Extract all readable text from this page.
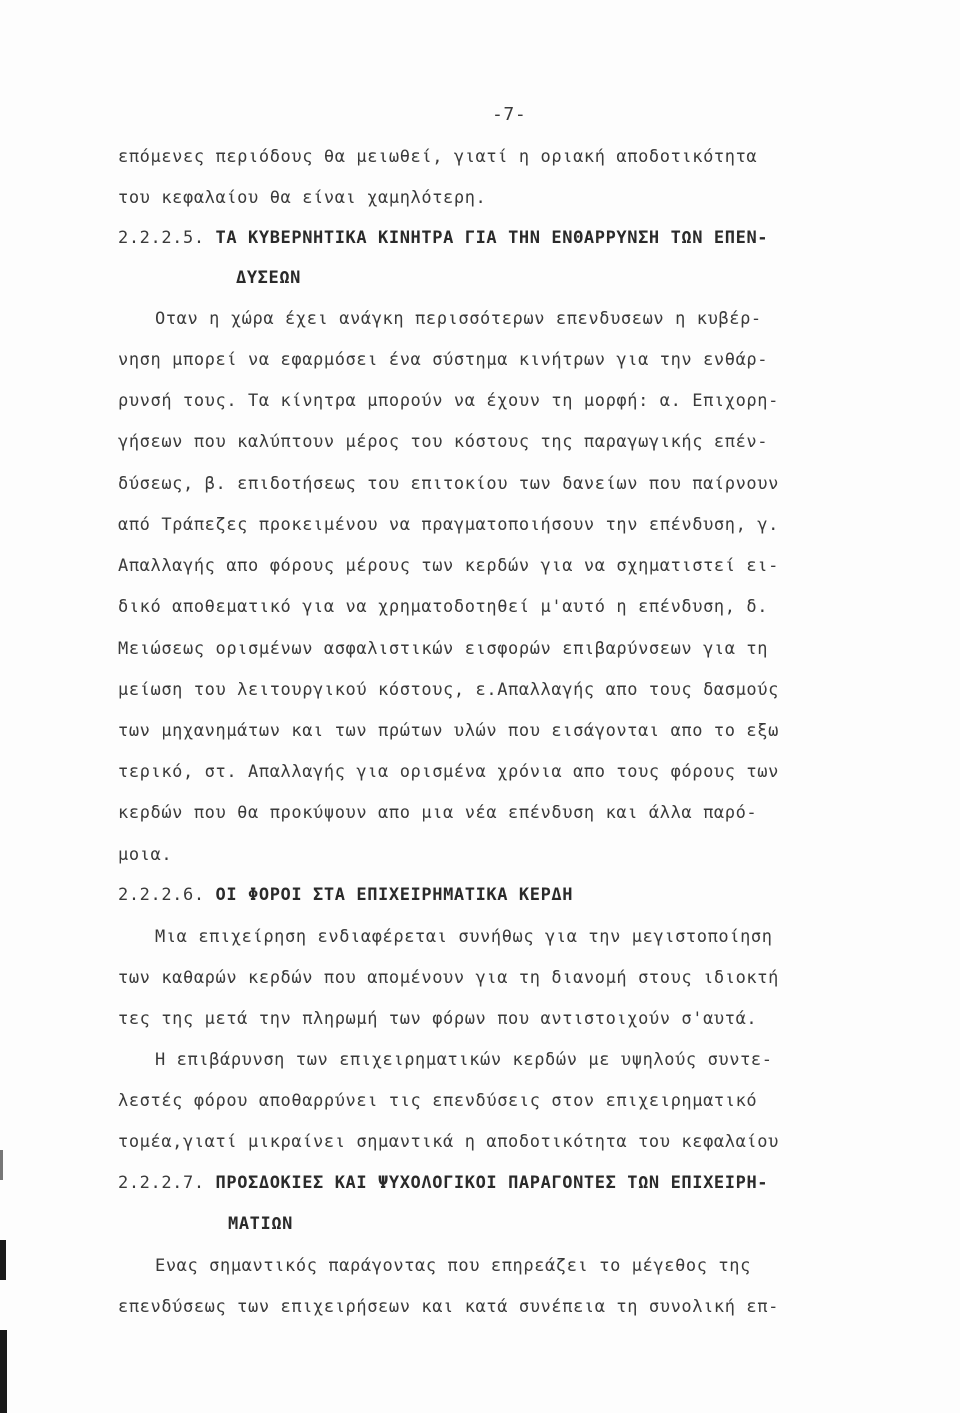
-7-
επόμενες περιόδους θα μειωθεί, γιατί η οριακή αποδοτικότητα
του κεφαλαίου θα είναι χαμηλότερη.
2.2.2.5. ΤΑ ΚΥΒΕΡΝΗΤΙΚΑ ΚΙΝΗΤΡΑ ΓΙΑ ΤΗΝ ΕΝΘΑΡΡΥΝΣΗ ΤΩΝ ΕΠΕΝ-
ΔΥΣΕΩΝ
Οταν η χώρα έχει ανάγκη περισσότερων επενδυσεων η κυβέρ-
νηση μπορεί να εφαρμόσει ένα σύστημα κινήτρων για την ενθάρ-
ρυνσή τους. Τα κίνητρα μπορούν να έχουν τη μορφή: α. Επιχορη-
γήσεων που καλύπτουν μέρος του κόστους της παραγωγικής επέν-
δύσεως, β. επιδοτήσεως του επιτοκίου των δανείων που παίρνουν
από Τράπεζες προκειμένου να πραγματοποιήσουν την επένδυση, γ.
Απαλλαγής απο φόρους μέρους των κερδών για να σχηματιστεί ει-
δικό αποθεματικό για να χρηματοδοτηθεί μ'αυτό η επένδυση, δ.
Μειώσεως ορισμένων ασφαλιστικών εισφορών επιβαρύνσεων για τη
μείωση του λειτουργικού κόστους, ε.Απαλλαγής απο τους δασμούς
των μηχανημάτων και των πρώτων υλών που εισάγονται απο το εξω
τερικό, στ. Απαλλαγής για ορισμένα χρόνια απο τους φόρους των
κερδών που θα προκύψουν απο μια νέα επένδυση και άλλα παρό-
μοια.
2.2.2.6. ΟΙ ΦΟΡΟΙ ΣΤΑ ΕΠΙΧΕΙΡΗΜΑΤΙΚΑ ΚΕΡΔΗ
Μια επιχείρηση ενδιαφέρεται συνήθως για την μεγιστοποίηση
των καθαρών κερδών που απομένουν για τη διανομή στους ιδιοκτή
τες της μετά την πληρωμή των φόρων που αντιστοιχούν σ'αυτά.
Η επιβάρυνση των επιχειρηματικών κερδών με υψηλούς συντε-
λεστές φόρου αποθαρρύνει τις επενδύσεις στον επιχειρηματικό
τομέα,γιατί μικραίνει σημαντικά η αποδοτικότητα του κεφαλαίου
2.2.2.7. ΠΡΟΣΔΟΚΙΕΣ ΚΑΙ ΨΥΧΟΛΟΓΙΚΟΙ ΠΑΡΑΓΟΝΤΕΣ ΤΩΝ ΕΠΙΧΕΙΡΗ-
ΜΑΤΙΩΝ
Ενας σημαντικός παράγοντας που επηρεάζει το μέγεθος της
επενδύσεως των επιχειρήσεων και κατά συνέπεια τη συνολική επ-
